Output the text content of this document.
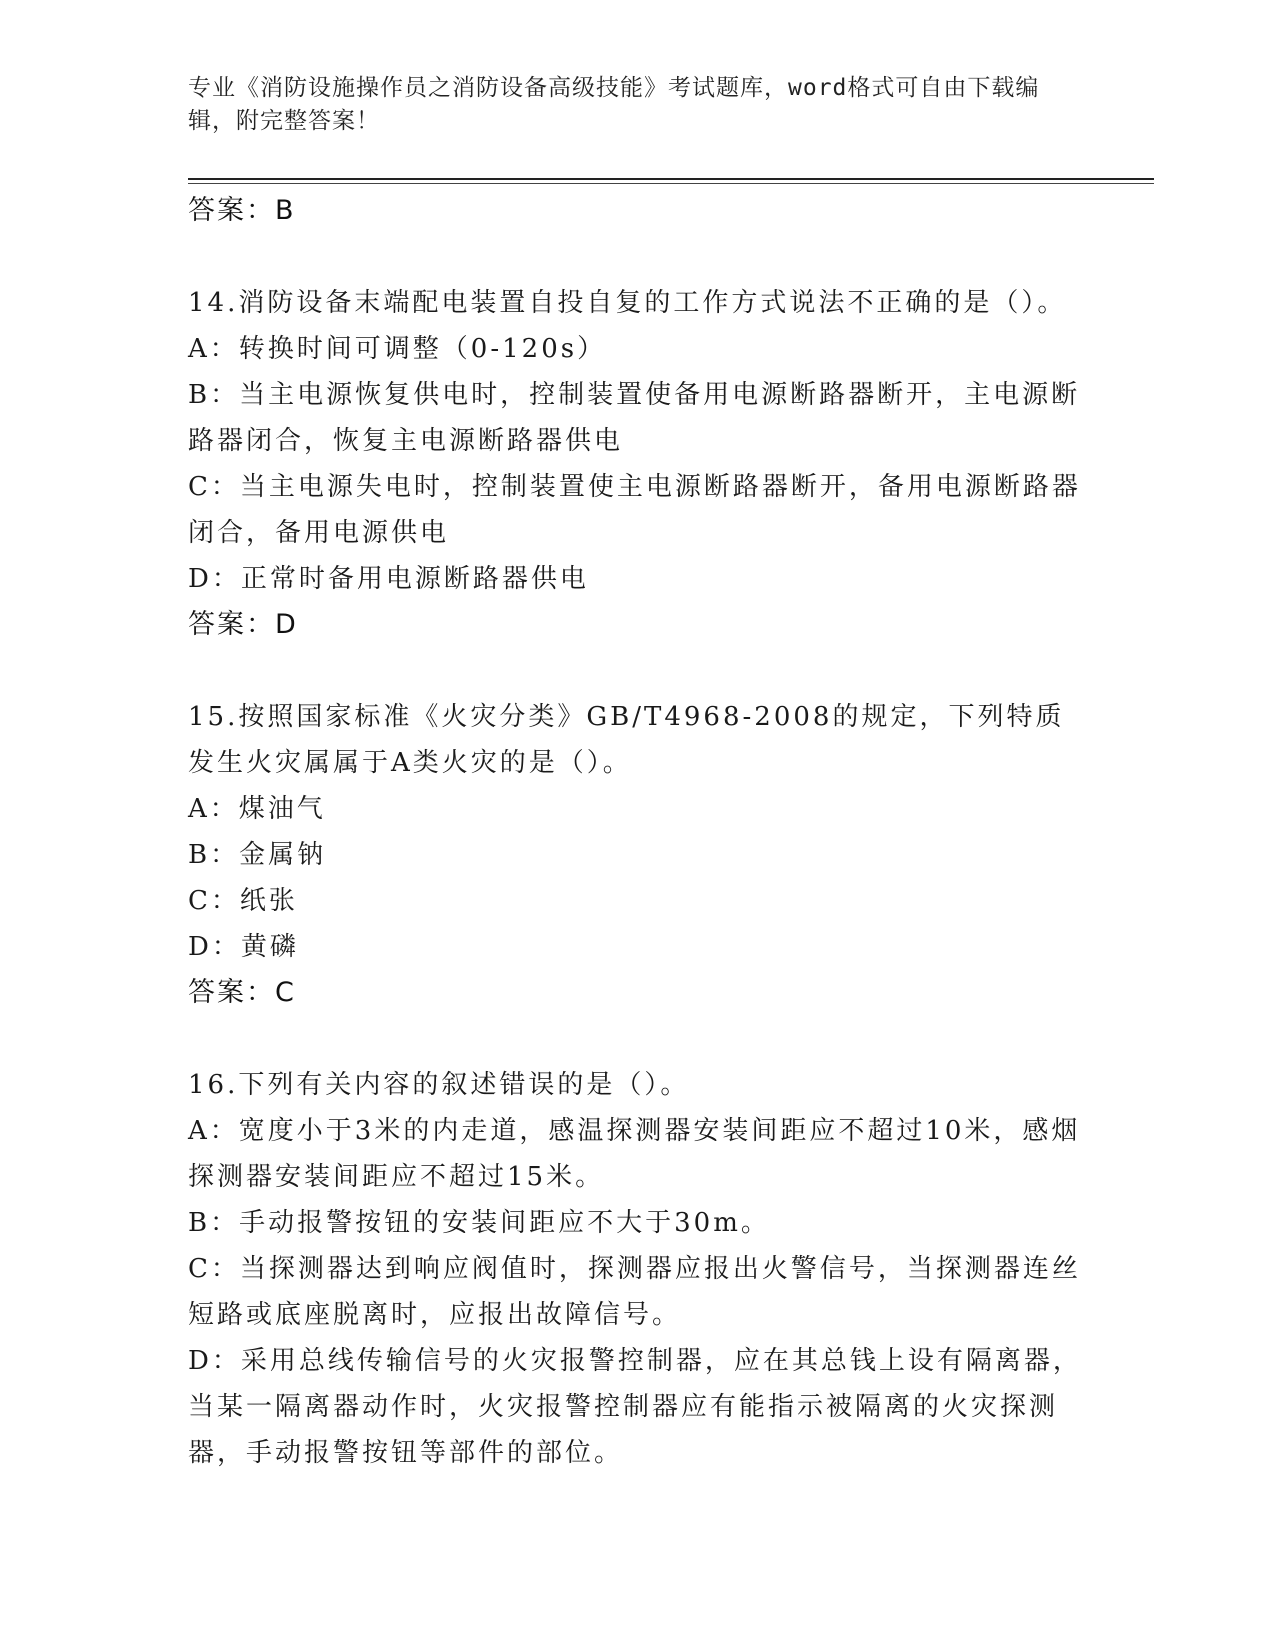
专业《消防设施操作员之消防设备高级技能》考试题库，word格式可自由下载编辑，附完整答案！

答案：B

14.消防设备末端配电装置自投自复的工作方式说法不正确的是（）。

A：转换时间可调整（0-120s）

B：当主电源恢复供电时，控制装置使备用电源断路器断开，主电源断路器闭合，恢复主电源断路器供电

C：当主电源失电时，控制装置使主电源断路器断开，备用电源断路器闭合，备用电源供电

D：正常时备用电源断路器供电

答案：D

15.按照国家标准《火灾分类》GB/T4968-2008的规定，下列特质发生火灾属属于A类火灾的是（）。

A：煤油气

B：金属钠

C：纸张

D：黄磷

答案：C

16.下列有关内容的叙述错误的是（）。

A：宽度小于3米的内走道，感温探测器安装间距应不超过10米，感烟探测器安装间距应不超过15米。

B：手动报警按钮的安装间距应不大于30m。

C：当探测器达到响应阀值时，探测器应报出火警信号，当探测器连丝短路或底座脱离时，应报出故障信号。

D：采用总线传输信号的火灾报警控制器，应在其总钱上设有隔离器，当某一隔离器动作时，火灾报警控制器应有能指示被隔离的火灾探测器，手动报警按钮等部件的部位。
